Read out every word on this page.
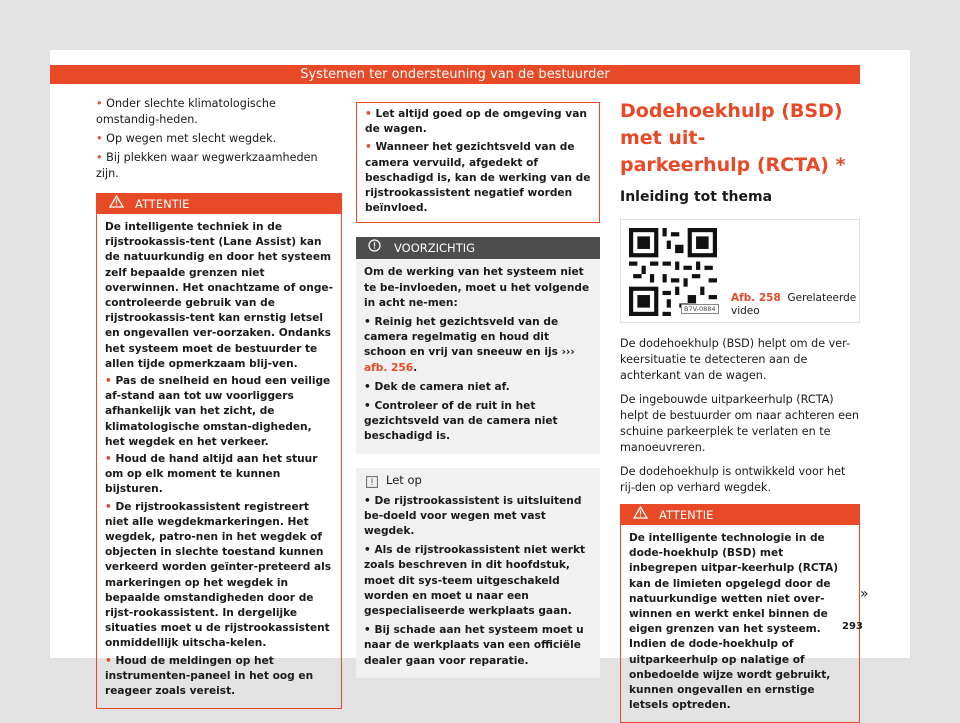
Systemen ter ondersteuning van de bestuurder
• Onder slechte klimatologische omstandig-heden.
• Op wegen met slecht wegdek.
• Bij plekken waar wegwerkzaamheden zijn.
ATTENTIE

De intelligente techniek in de rijstrookassis-tent (Lane Assist) kan de natuurkundig en door het systeem zelf bepaalde grenzen niet overwinnen. Het onachtzame of onge-controleerde gebruik van de rijstrookassis-tent kan ernstig letsel en ongevallen ver-oorzaken. Ondanks het systeem moet de bestuurder te allen tijde opmerkzaam blij-ven.

• Pas de snelheid en houd een veilige af-stand aan tot uw voorliggers afhankelijk van het zicht, de klimatologische omstan-digheden, het wegdek en het verkeer.

• Houd de hand altijd aan het stuur om op elk moment te kunnen bijsturen.

• De rijstrookassistent registreert niet alle wegdekmarkeringen. Het wegdek, patro-nen in het wegdek of objecten in slechte toestand kunnen verkeerd worden geïnter-preteerd als markeringen op het wegdek in bepaalde omstandigheden door de rijst-rookassistent. In dergelijke situaties moet u de rijstrookassistent onmiddellijk uitscha-kelen.

• Houd de meldingen op het instrumenten-paneel in het oog en reageer zoals vereist.

• Let altijd goed op de omgeving van de wagen.

• Wanneer het gezichtsveld van de camera vervuild, afgedekt of beschadigd is, kan de werking van de rijstrookassistent negatief worden beïnvloed.

VOORZICHTIG

Om de werking van het systeem niet te be-invloeden, moet u het volgende in acht ne-men:

• Reinig het gezichtsveld van de camera regelmatig en houd dit schoon en vrij van sneeuw en ijs ››› afb. 256.

• Dek de camera niet af.

• Controleer of de ruit in het gezichtsveld van de camera niet beschadigd is.

Let op

• De rijstrookassistent is uitsluitend be-doeld voor wegen met vast wegdek.

• Als de rijstrookassistent niet werkt zoals beschreven in dit hoofdstuk, moet dit sys-teem uitgeschakeld worden en moet u naar een gespecialiseerde werkplaats gaan.

• Bij schade aan het systeem moet u naar de werkplaats van een officiële dealer gaan voor reparatie.

Dodehoekhulp (BSD) met uit-
parkeerhulp (RCTA) *
Inleiding tot thema
B7V-0884
Afb. 258 Gerelateerde
video

De dodehoekhulp (BSD) helpt om de ver-keersituatie te detecteren aan de achterkant van de wagen.

De ingebouwde uitparkeerhulp (RCTA) helpt de bestuurder om naar achteren een schuine parkeerplek te verlaten en te manoeuvreren.

De dodehoekhulp is ontwikkeld voor het rij-den op verhard wegdek.

ATTENTIE

De intelligente technologie in de dode-hoekhulp (BSD) met inbegrepen uitpar-keerhulp (RCTA) kan de limieten opgelegd door de natuurkundige wetten niet over-winnen en werkt enkel binnen de eigen grenzen van het systeem. Indien de dode-hoekhulp of uitparkeerhulp op nalatige of onbedoelde wijze wordt gebruikt, kunnen ongevallen en ernstige letsels optreden.

»
293
